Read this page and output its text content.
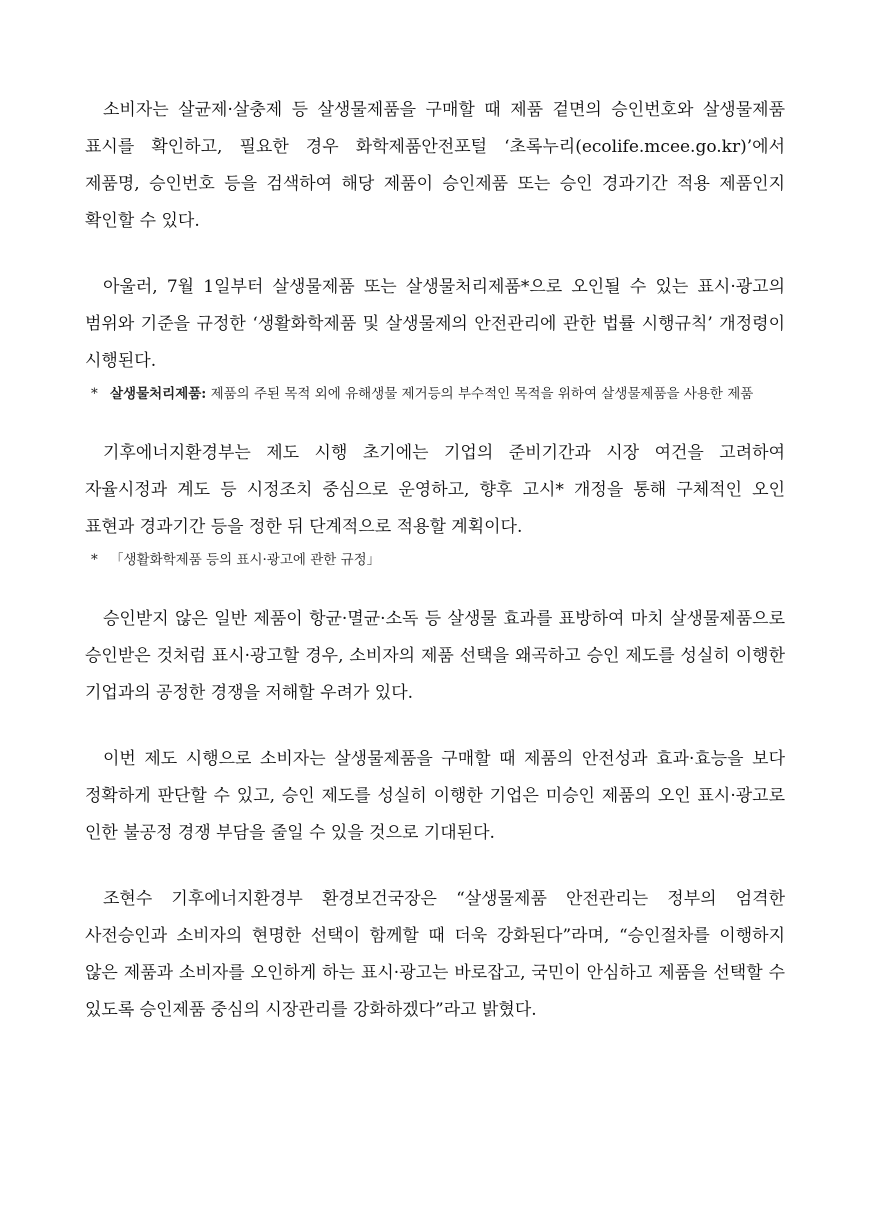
소비자는 살균제·살충제 등 살생물제품을 구매할 때 제품 겉면의 승인번호와 살생물제품 표시를 확인하고, 필요한 경우 화학제품안전포털 ‘초록누리(ecolife.mcee.go.kr)’에서 제품명, 승인번호 등을 검색하여 해당 제품이 승인제품 또는 승인 경과기간 적용 제품인지 확인할 수 있다.

아울러, 7월 1일부터 살생물제품 또는 살생물처리제품*으로 오인될 수 있는 표시·광고의 범위와 기준을 규정한 ‘생활화학제품 및 살생물제의 안전관리에 관한 법률 시행규칙’ 개정령이 시행된다.

* 살생물처리제품: 제품의 주된 목적 외에 유해생물 제거등의 부수적인 목적을 위하여 살생물제품을 사용한 제품

기후에너지환경부는 제도 시행 초기에는 기업의 준비기간과 시장 여건을 고려하여 자율시정과 계도 등 시정조치 중심으로 운영하고, 향후 고시* 개정을 통해 구체적인 오인 표현과 경과기간 등을 정한 뒤 단계적으로 적용할 계획이다.

* 「생활화학제품 등의 표시·광고에 관한 규정」

승인받지 않은 일반 제품이 항균·멸균·소독 등 살생물 효과를 표방하여 마치 살생물제품으로 승인받은 것처럼 표시·광고할 경우, 소비자의 제품 선택을 왜곡하고 승인 제도를 성실히 이행한 기업과의 공정한 경쟁을 저해할 우려가 있다.

이번 제도 시행으로 소비자는 살생물제품을 구매할 때 제품의 안전성과 효과·효능을 보다 정확하게 판단할 수 있고, 승인 제도를 성실히 이행한 기업은 미승인 제품의 오인 표시·광고로 인한 불공정 경쟁 부담을 줄일 수 있을 것으로 기대된다.

조현수 기후에너지환경부 환경보건국장은 “살생물제품 안전관리는 정부의 엄격한 사전승인과 소비자의 현명한 선택이 함께할 때 더욱 강화된다”라며, “승인절차를 이행하지 않은 제품과 소비자를 오인하게 하는 표시·광고는 바로잡고, 국민이 안심하고 제품을 선택할 수 있도록 승인제품 중심의 시장관리를 강화하겠다”라고 밝혔다.
